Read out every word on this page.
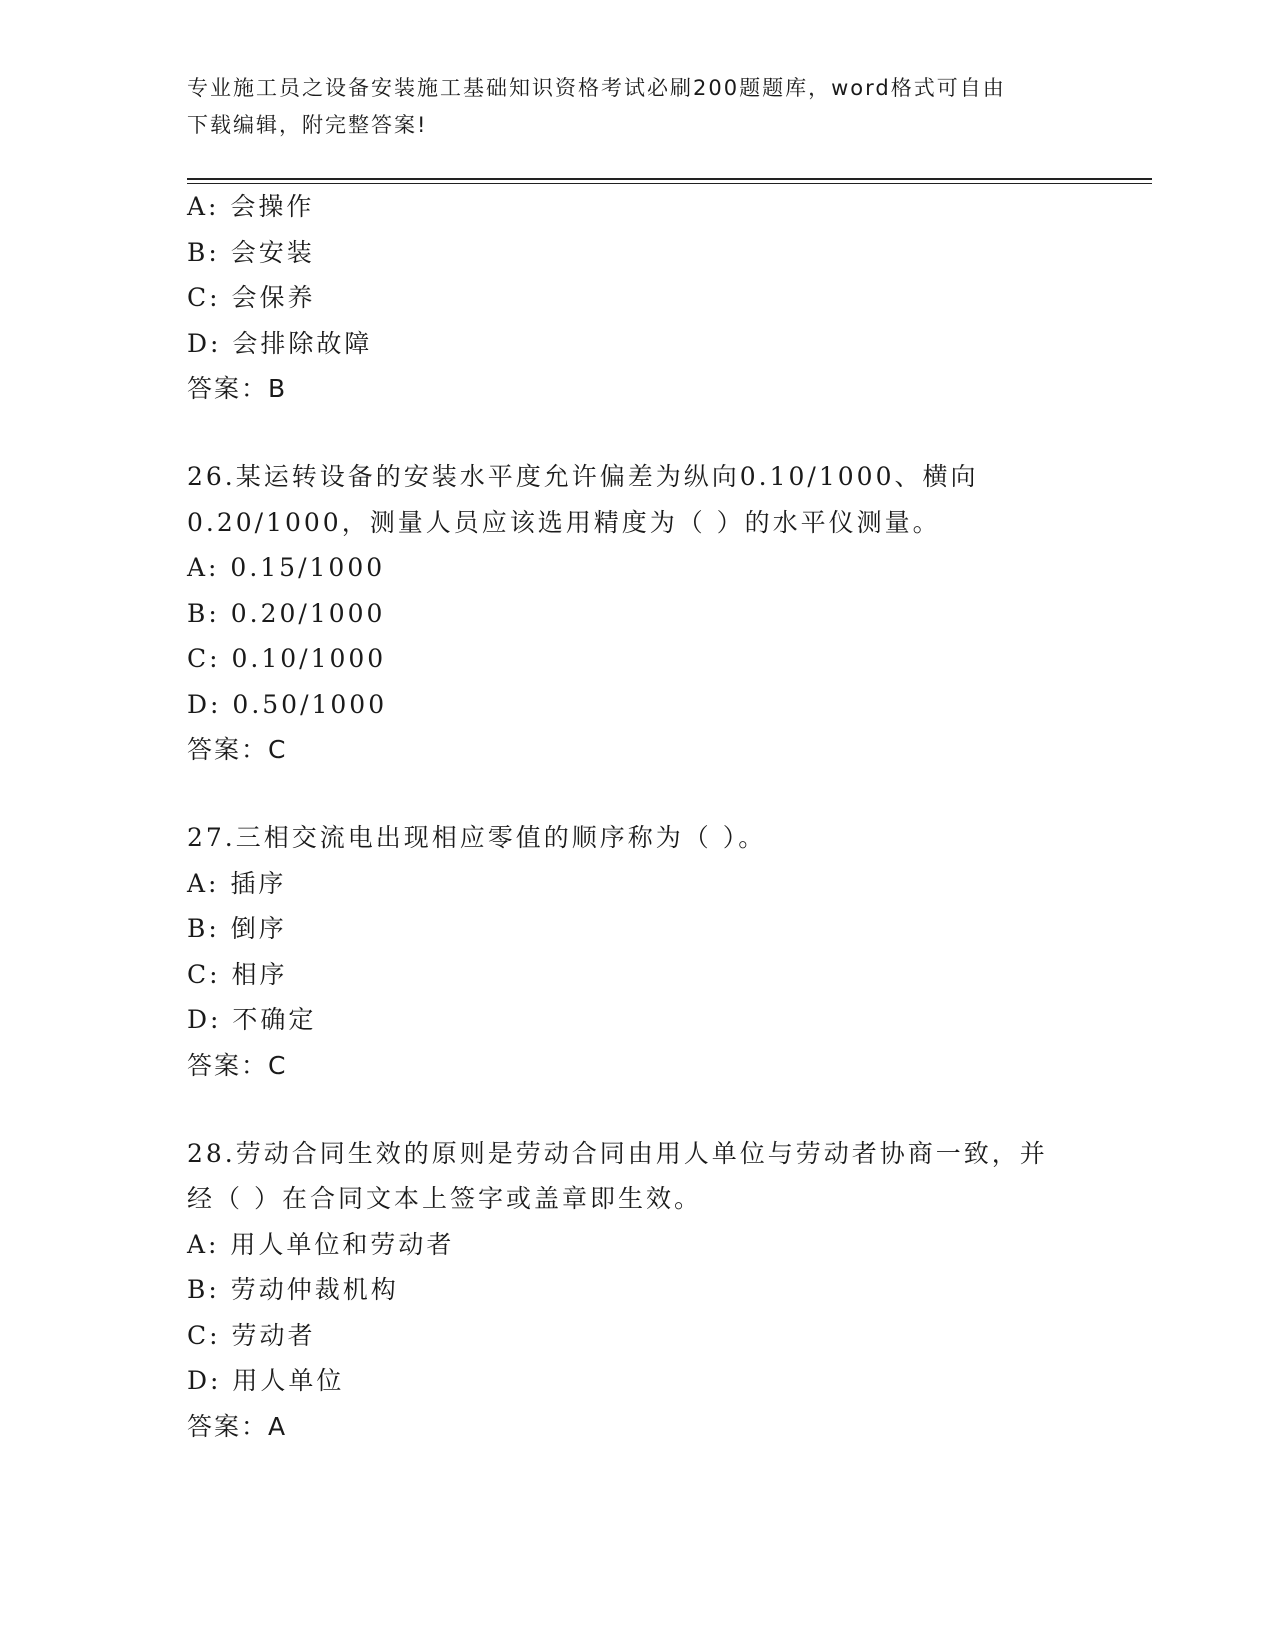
专业施工员之设备安装施工基础知识资格考试必刷200题题库，word格式可自由
下载编辑，附完整答案!
A: 会操作
B: 会安装
C: 会保养
D: 会排除故障
答案：B
26.某运转设备的安装水平度允许偏差为纵向0.10/1000、横向
0.20/1000，测量人员应该选用精度为（ ）的水平仪测量。
A: 0.15/1000
B: 0.20/1000
C: 0.10/1000
D: 0.50/1000
答案：C
27.三相交流电出现相应零值的顺序称为（ ）。
A: 插序
B: 倒序
C: 相序
D: 不确定
答案：C
28.劳动合同生效的原则是劳动合同由用人单位与劳动者协商一致，并
经（ ）在合同文本上签字或盖章即生效。
A: 用人单位和劳动者
B: 劳动仲裁机构
C: 劳动者
D: 用人单位
答案：A
